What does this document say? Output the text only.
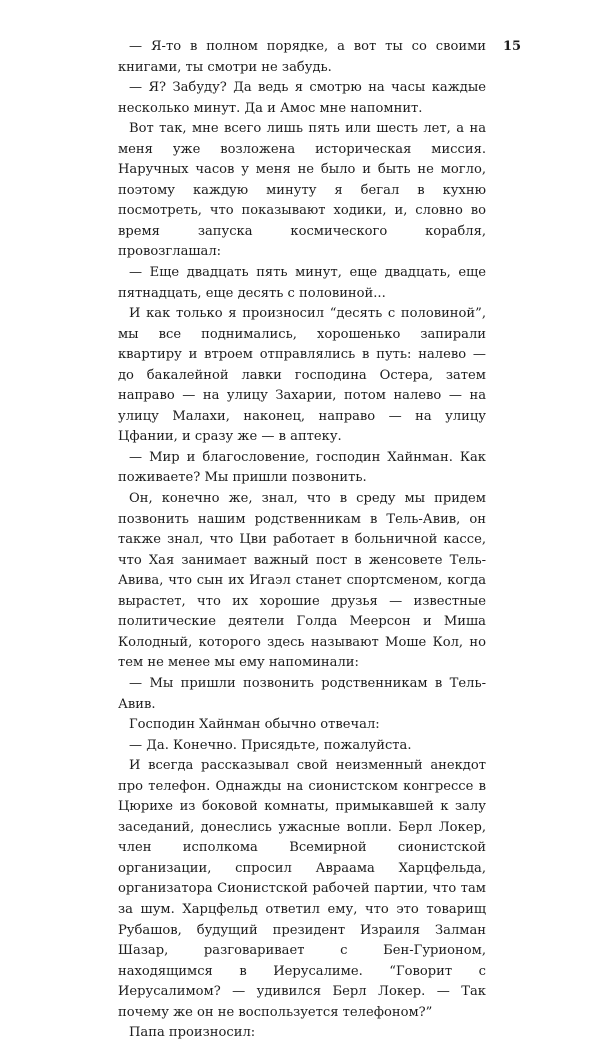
15

— Я-то в полном порядке, а вот ты со своими книгами, ты смотри не забудь.

— Я? Забуду? Да ведь я смотрю на часы каждые несколько минут. Да и Амос мне напомнит.

Вот так, мне всего лишь пять или шесть лет, а на меня уже возложена историческая миссия. Наручных часов у меня не было и быть не могло, поэтому каждую минуту я бегал в кухню посмотреть, что показывают ходики, и, словно во время запуска космического корабля, провозглашал:

— Еще двадцать пять минут, еще двадцать, еще пятнадцать, еще десять с половиной...

И как только я произносил “десять с половиной”, мы все поднимались, хорошенько запирали квартиру и втроем отправлялись в путь: налево — до бакалейной лавки господина Остера, затем направо — на улицу Захарии, потом налево — на улицу Малахи, наконец, направо — на улицу Цфании, и сразу же — в аптеку.

— Мир и благословение, господин Хайнман. Как поживаете? Мы пришли позвонить.

Он, конечно же, знал, что в среду мы придем позвонить нашим родственникам в Тель-Авив, он также знал, что Цви работает в больничной кассе, что Хая занимает важный пост в женсовете Тель-Авива, что сын их Игаэл станет спортсменом, когда вырастет, что их хорошие друзья — известные политические деятели Голда Меерсон и Миша Колодный, которого здесь называют Моше Кол, но тем не менее мы ему напоминали:

— Мы пришли позвонить родственникам в Тель-Авив.

Господин Хайнман обычно отвечал:

— Да. Конечно. Присядьте, пожалуйста.

И всегда рассказывал свой неизменный анекдот про телефон. Однажды на сионистском конгрессе в Цюрихе из боковой комнаты, примыкавшей к залу заседаний, донеслись ужасные вопли. Берл Локер, член исполкома Всемирной сионистской организации, спросил Авраама Харцфельда, организатора Сионистской рабочей партии, что там за шум. Харцфельд ответил ему, что это товарищ Рубашов, будущий президент Израиля Залман Шазар, разговаривает с Бен-Гурионом, находящимся в Иерусалиме. “Говорит с Иерусалимом? — удивился Берл Локер. — Так почему же он не воспользуется телефоном?”

Папа произносил:
